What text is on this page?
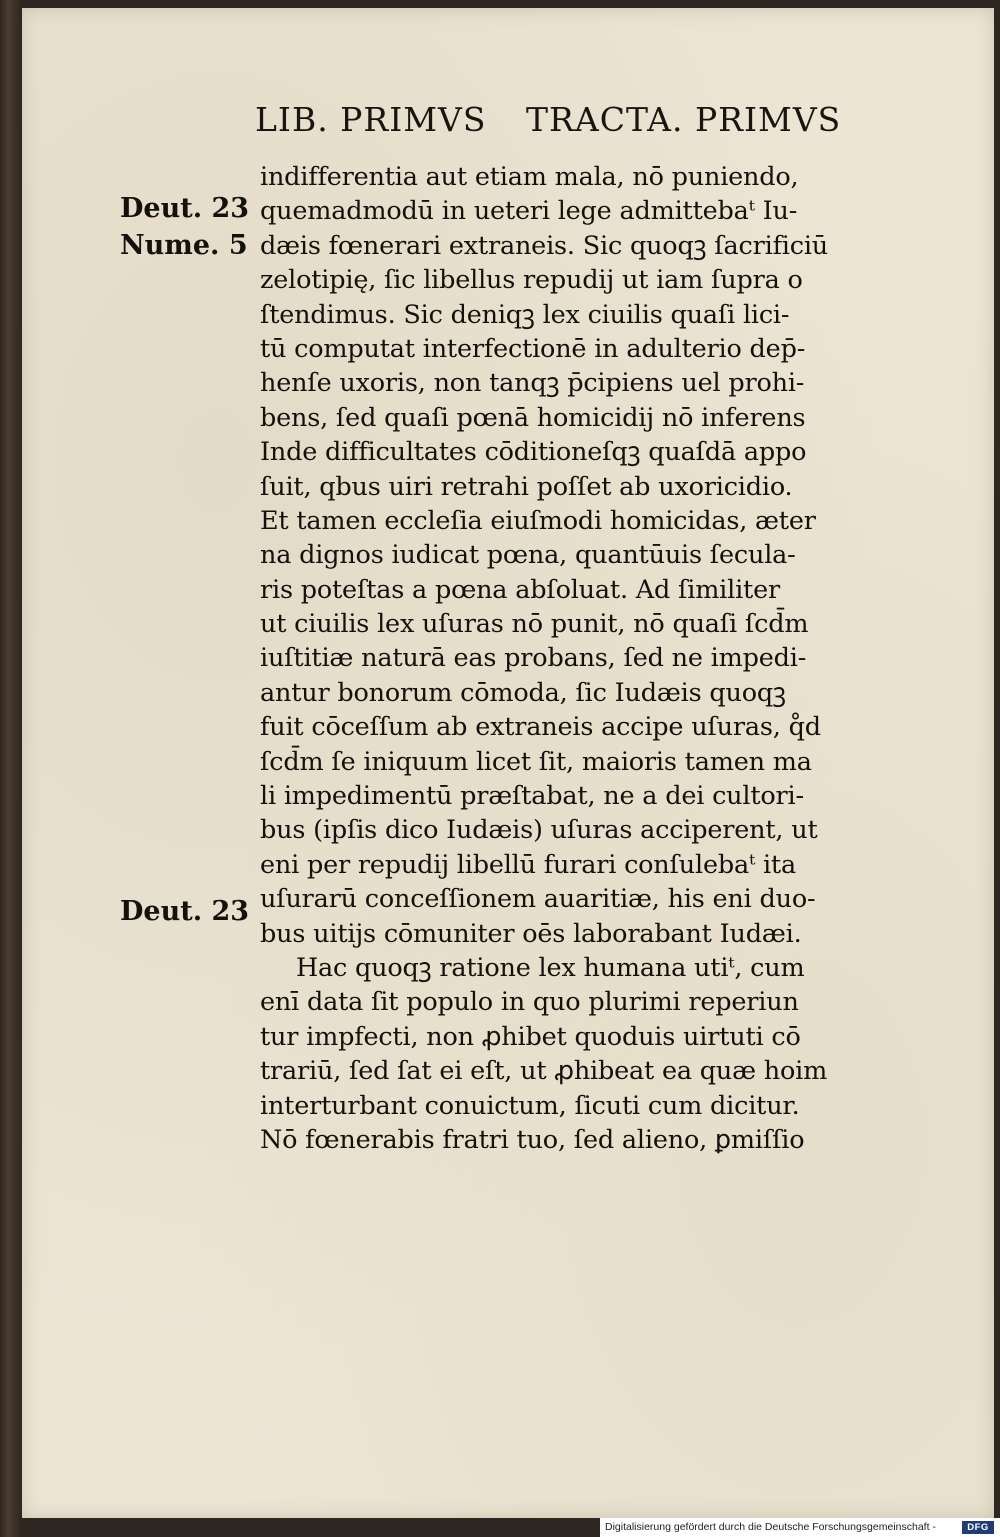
LIB. PRIMVS TRACTA. PRIMVS
Deut. 23
Nume. 5
Deut. 23
indifferentia aut etiam mala, nō puniendo,
quemadmodū in ueteri lege admittebaᵗ Iu-
dæis fœnerari extraneis. Sic quoqꝫ ſacrificiū
zelotipię, ſic libellus repudij ut iam ſupra o
ſtendimus. Sic deniqꝫ lex ciuilis quaſi lici-
tū computat interfectionē in adulterio dep̄-
henſe uxoris, non tanqꝫ p̄cipiens uel prohi-
bens, ſed quaſi pœnā homicidij nō inferens
Inde difficultates cōditioneſqꝫ quaſdā appo
ſuit, qbus uiri retrahi poſſet ab uxoricidio.
Et tamen eccleſia eiuſmodi homicidas, æter
na dignos iudicat pœna, quantūuis ſecula-
ris poteſtas a pœna abſoluat. Ad ſimiliter
ut ciuilis lex uſuras nō punit, nō quaſi ſcd̄m
iuſtitiæ naturā eas probans, ſed ne impedi-
antur bonorum cōmoda, ſic Iudæis quoqꝫ
fuit cōceſſum ab extraneis accipe uſuras, q̊d
ſcd̄m ſe iniquum licet ſit, maioris tamen ma
li impedimentū præſtabat, ne a dei cultori-
bus (ipſis dico Iudæis) uſuras acciperent, ut
eni per repudij libellū furari conſulebaᵗ ita
uſurarū conceſſionem auaritiæ, his eni duo-
bus uitijs cōmuniter oēs laborabant Iudæi.
Hac quoqꝫ ratione lex humana utiᵗ, cum
enī data ſit populo in quo plurimi reperiun
tur impfecti, non ꝓhibet quoduis uirtuti cō
trariū, ſed ſat ei eſt, ut ꝓhibeat ea quæ hoim
interturbant conuictum, ſicuti cum dicitur.
Nō fœnerabis fratri tuo, ſed alieno, ꝑmiſſio
Digitalisierung gefördert durch die Deutsche Forschungsgemeinschaft -	DFG
